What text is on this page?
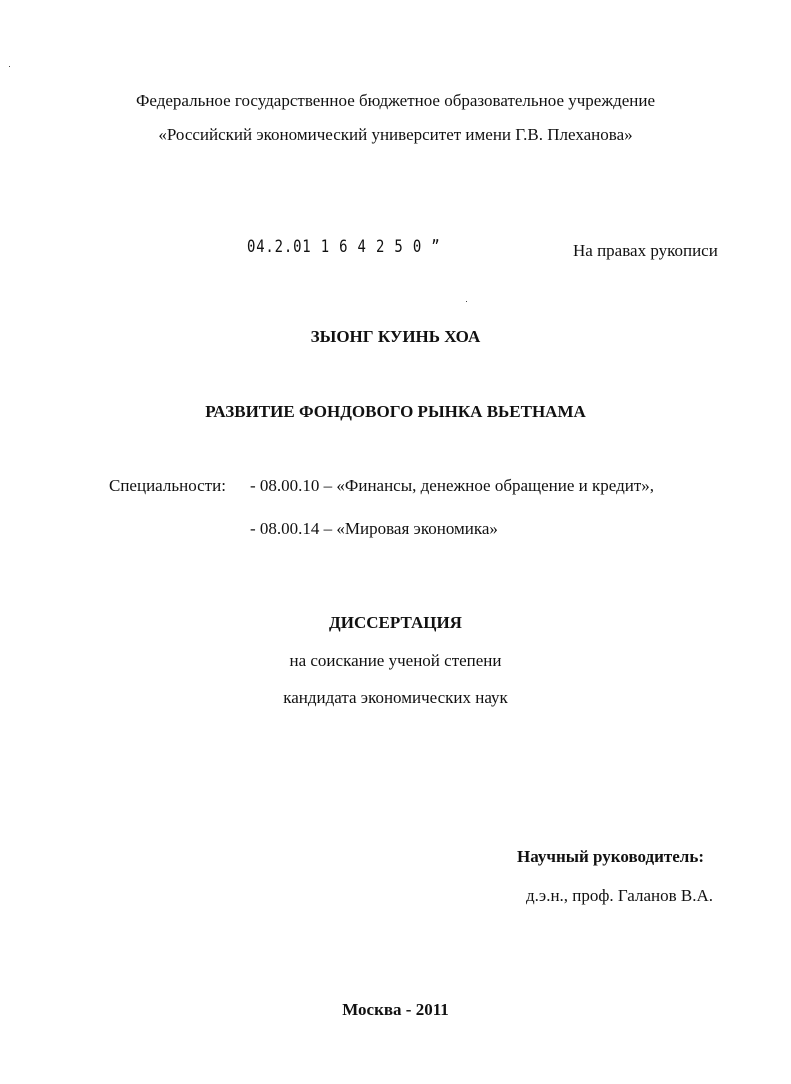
Федеральное государственное бюджетное образовательное учреждение
«Российский экономический университет имени Г.В. Плеханова»
04.2.01 1 6 4 2 5 0 ˮ	На правах рукописи
ЗЫОНГ КУИНЬ ХОА
РАЗВИТИЕ ФОНДОВОГО РЫНКА ВЬЕТНАМА
Специальности: - 08.00.10 – «Финансы, денежное обращение и кредит»,
- 08.00.14 – «Мировая экономика»
ДИССЕРТАЦИЯ
на соискание ученой степени
кандидата экономических наук
Научный руководитель:
д.э.н., проф. Галанов В.А.
Москва - 2011
